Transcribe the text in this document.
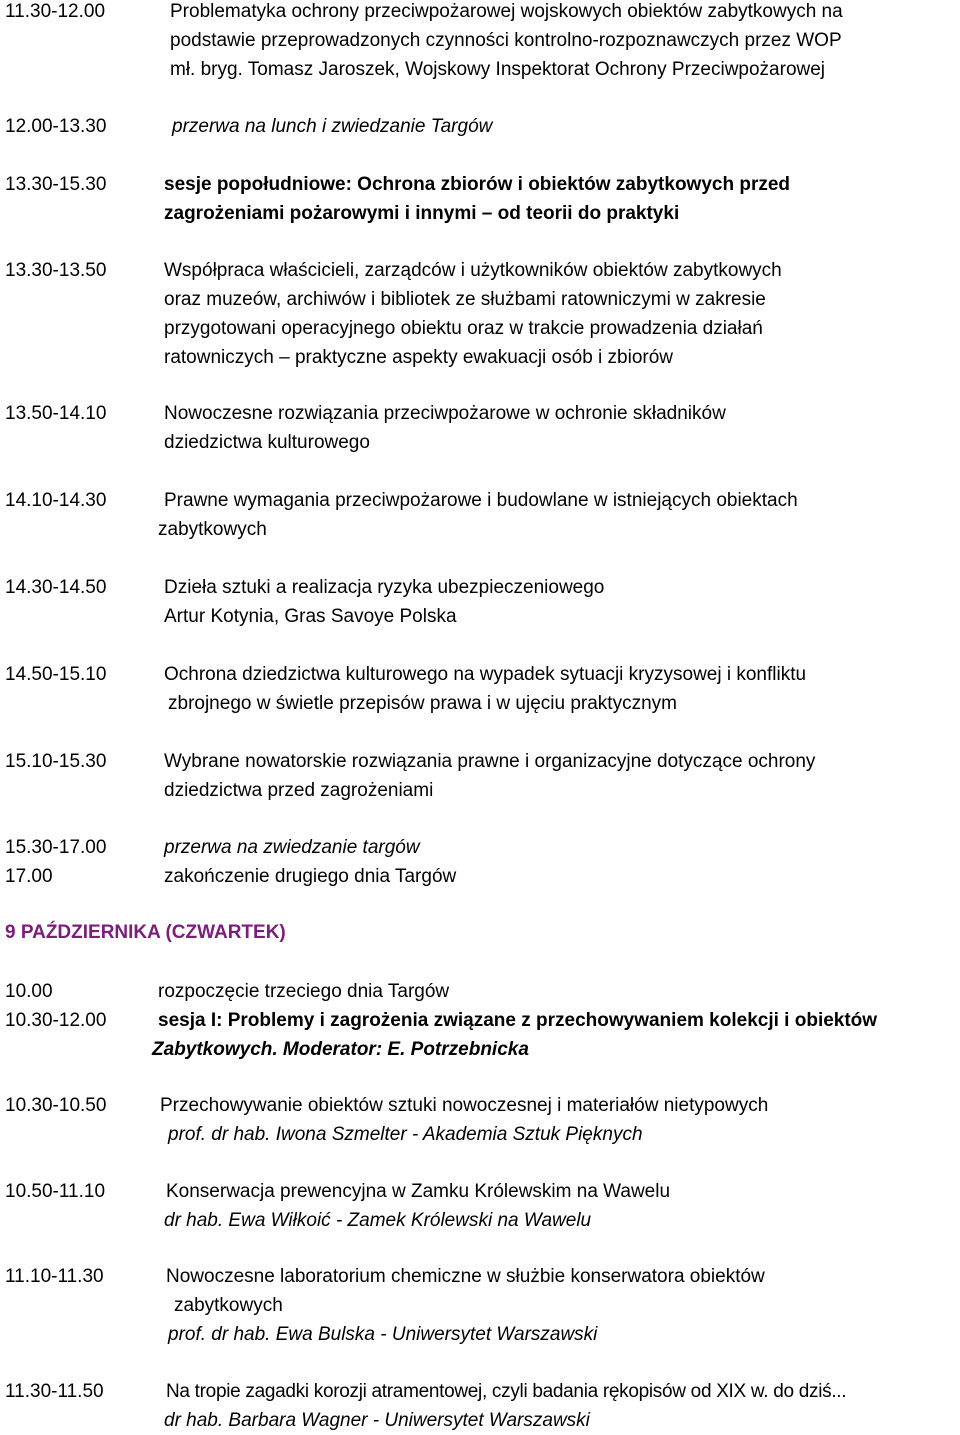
11.30-12.00	Problematyka ochrony przeciwpożarowej wojskowych obiektów zabytkowych na
podstawie przeprowadzonych czynności kontrolno-rozpoznawczych przez WOP
mł. bryg. Tomasz Jaroszek, Wojskowy Inspektorat Ochrony Przeciwpożarowej
12.00-13.30	przerwa na lunch i zwiedzanie Targów
13.30-15.30	sesje popołudniowe: Ochrona zbiorów i obiektów zabytkowych przed
zagrożeniami pożarowymi i innymi – od teorii do praktyki
13.30-13.50	Współpraca właścicieli, zarządców i użytkowników obiektów zabytkowych
oraz muzeów, archiwów i bibliotek ze służbami ratowniczymi w zakresie
przygotowani operacyjnego obiektu oraz w trakcie prowadzenia działań
ratowniczych – praktyczne aspekty ewakuacji osób i zbiorów
13.50-14.10	Nowoczesne rozwiązania przeciwpożarowe w ochronie składników
dziedzictwa kulturowego
14.10-14.30	Prawne wymagania przeciwpożarowe i budowlane w istniejących obiektach
zabytkowych
14.30-14.50	Dzieła sztuki a realizacja ryzyka ubezpieczeniowego
Artur Kotynia, Gras Savoye Polska
14.50-15.10	Ochrona dziedzictwa kulturowego na wypadek sytuacji kryzysowej i konfliktu
zbrojnego w świetle przepisów prawa i w ujęciu praktycznym
15.10-15.30	Wybrane nowatorskie rozwiązania prawne i organizacyjne dotyczące ochrony
dziedzictwa przed zagrożeniami
15.30-17.00	przerwa na zwiedzanie targów
17.00	zakończenie drugiego dnia Targów
9 PAŹDZIERNIKA (CZWARTEK)
10.00	rozpoczęcie trzeciego dnia Targów
10.30-12.00	sesja I: Problemy i zagrożenia związane z przechowywaniem kolekcji i obiektów
Zabytkowych. Moderator: E. Potrzebnicka
10.30-10.50	Przechowywanie obiektów sztuki nowoczesnej i materiałów nietypowych
prof. dr hab. Iwona Szmelter - Akademia Sztuk Pięknych
10.50-11.10	Konserwacja prewencyjna w Zamku Królewskim na Wawelu
dr hab. Ewa Wiłkoić - Zamek Królewski na Wawelu
11.10-11.30	Nowoczesne laboratorium chemiczne w służbie konserwatora obiektów
zabytkowych
prof. dr hab. Ewa Bulska - Uniwersytet Warszawski
11.30-11.50	Na tropie zagadki korozji atramentowej, czyli badania rękopisów od XIX w. do dziś...
dr hab. Barbara Wagner - Uniwersytet Warszawski
